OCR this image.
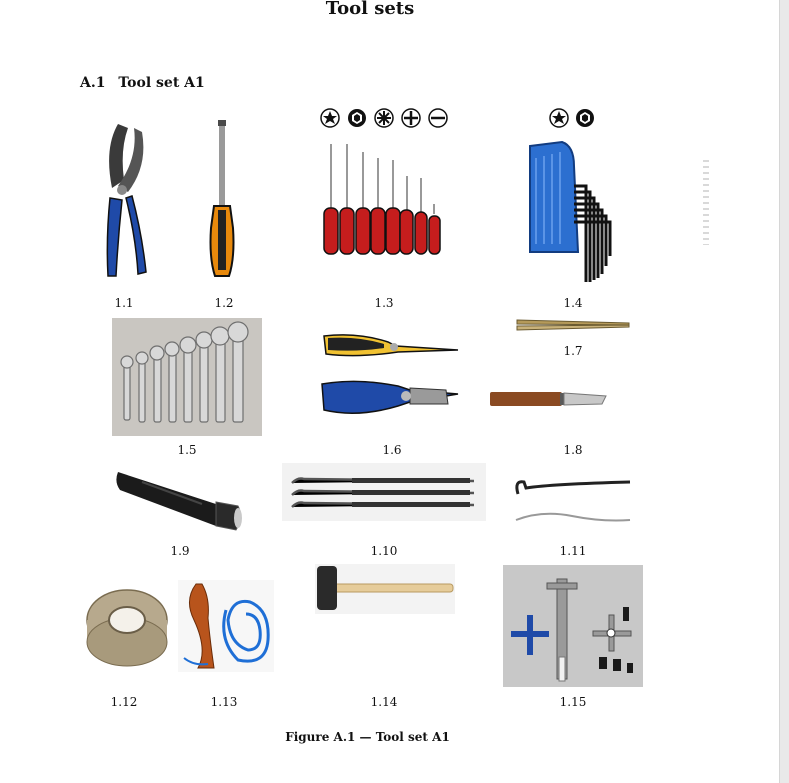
Tool sets
A.1 Tool set A1
1.1	1.2	1.3	1.4
1.7
1.5	1.6	1.8
1.9	1.10	1.11
1.12	1.13	1.14	1.15
Figure A.1 — Tool set A1
